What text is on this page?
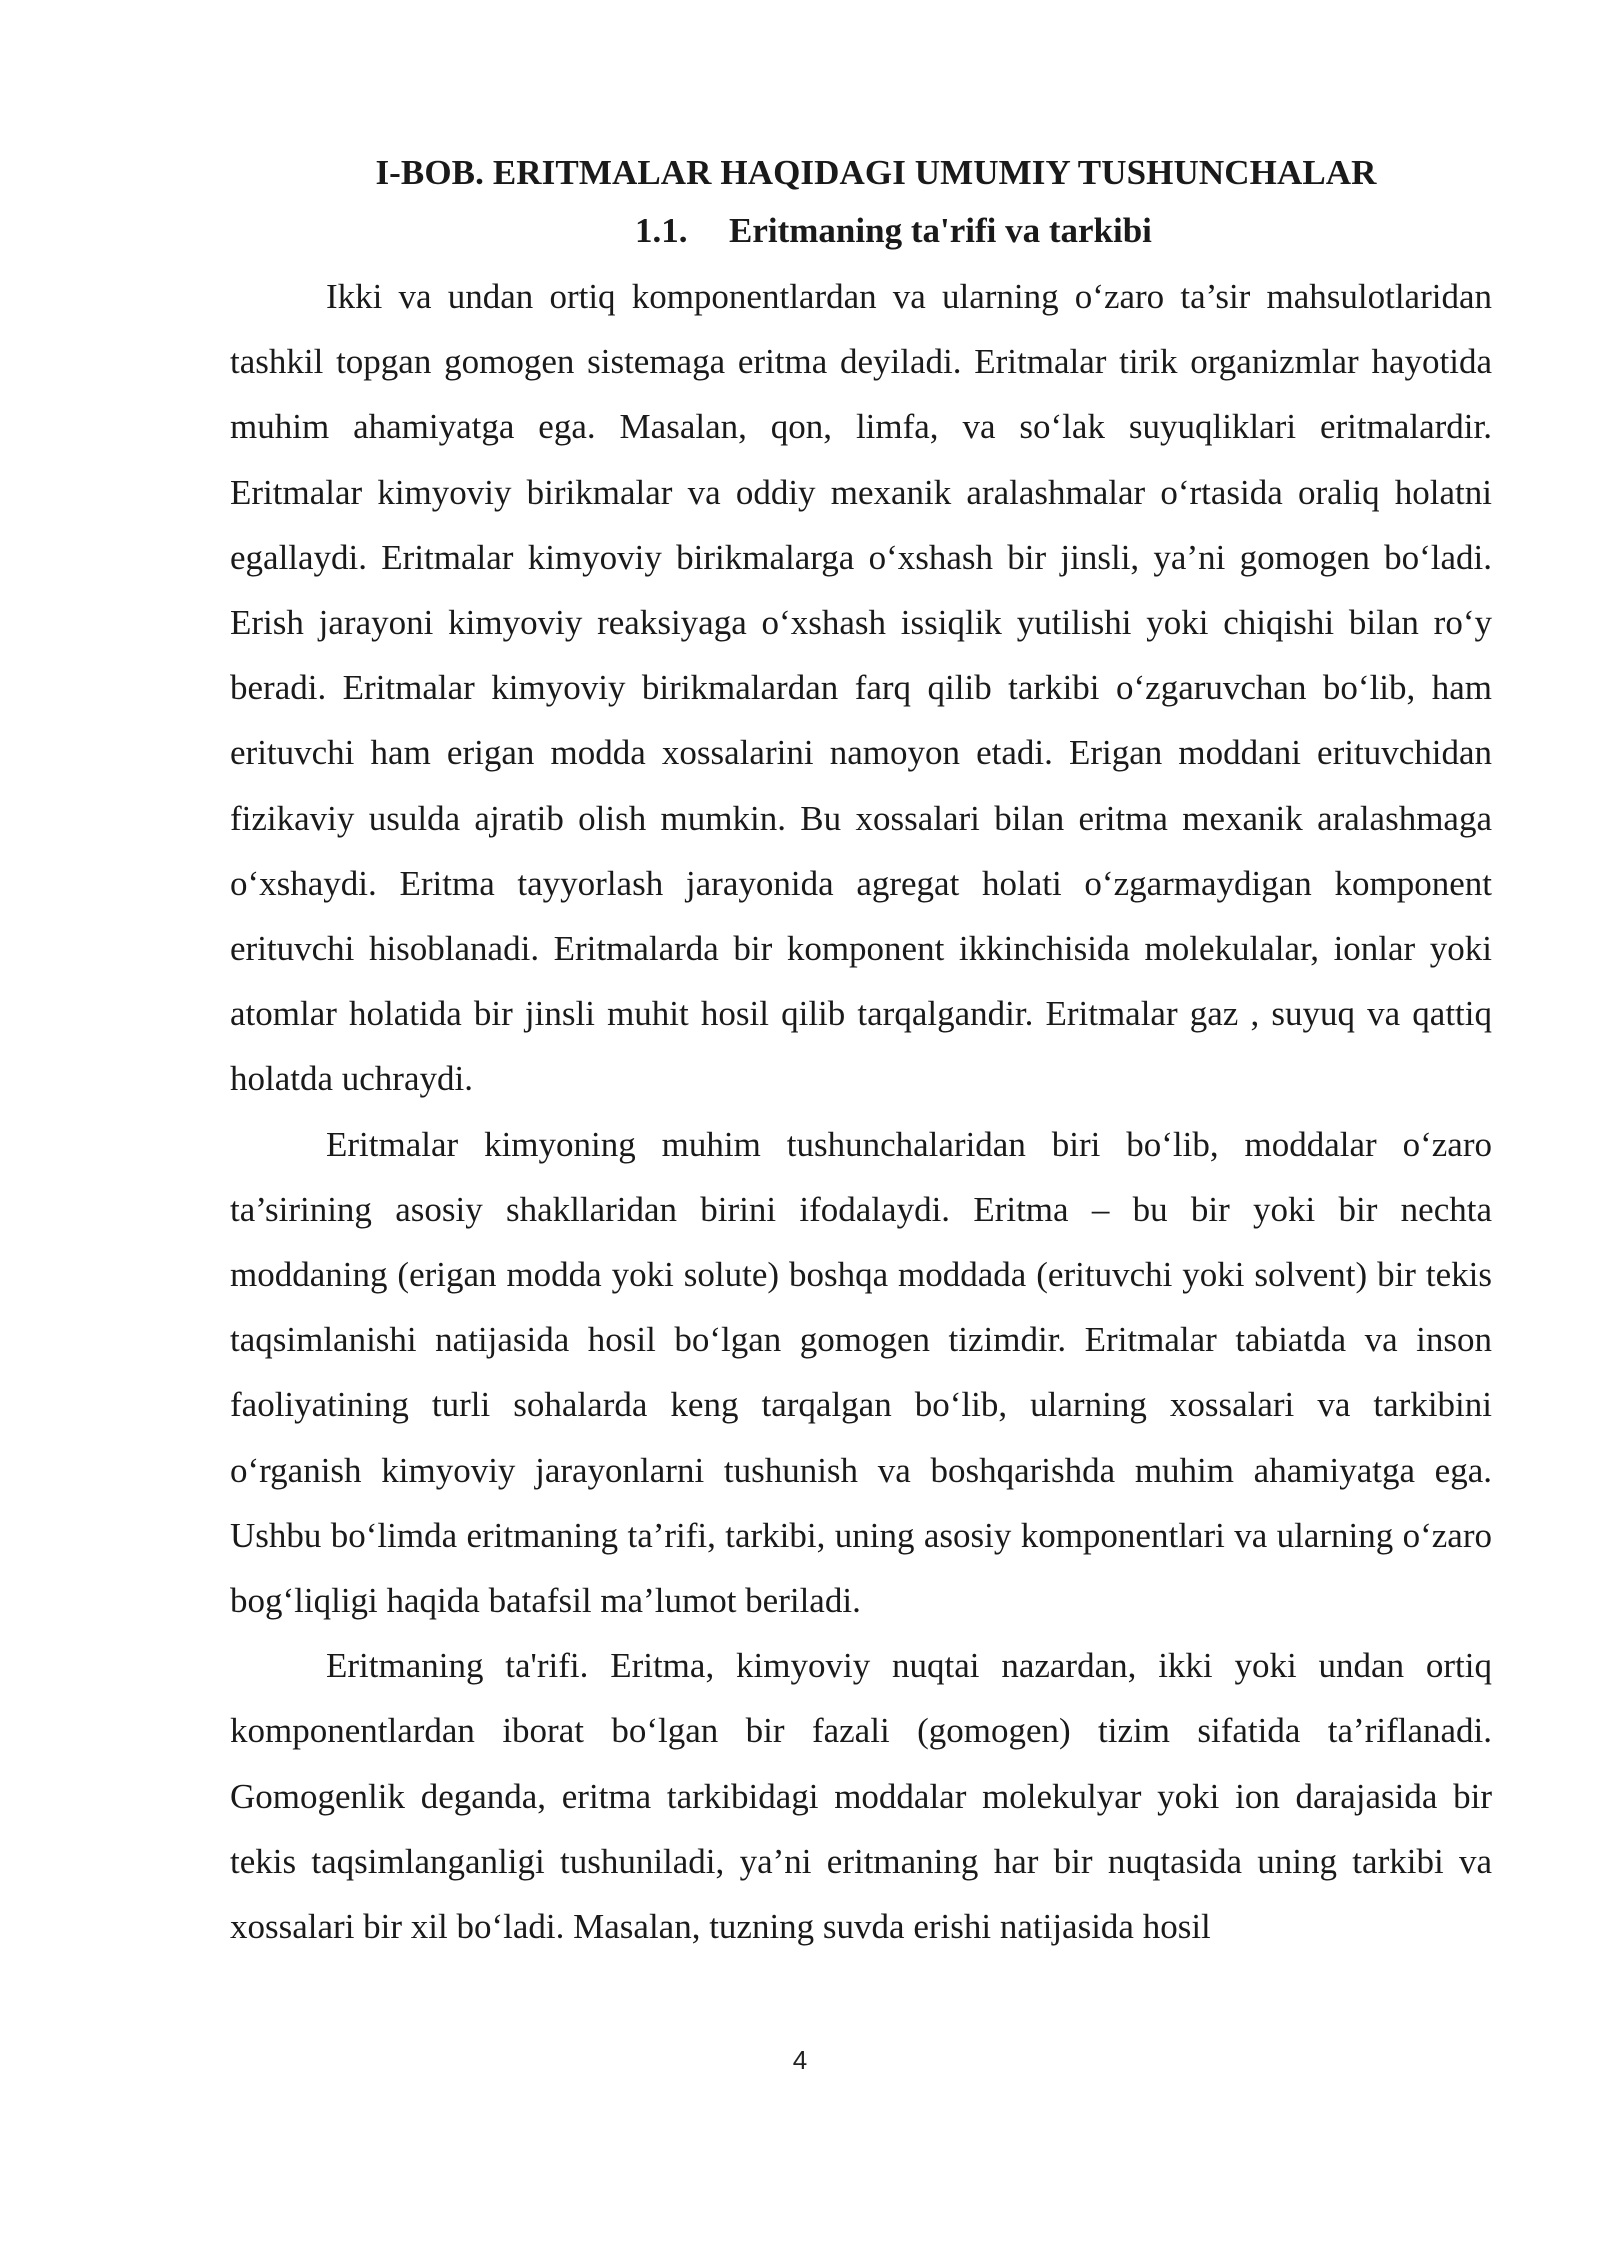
I-BOB. ERITMALAR HAQIDAGI UMUMIY TUSHUNCHALAR
1.1. Eritmaning ta'rifi va tarkibi

Ikki va undan ortiq komponentlardan va ularning o‘zaro ta’sir mahsulotlaridan tashkil topgan gomogen sistemaga eritma deyiladi. Eritmalar tirik organizmlar hayotida muhim ahamiyatga ega. Masalan, qon, limfa, va so‘lak suyuqliklari eritmalardir. Eritmalar kimyoviy birikmalar va oddiy mexanik aralashmalar o‘rtasida oraliq holatni egallaydi. Eritmalar kimyoviy birikmalarga o‘xshash bir jinsli, ya’ni gomogen bo‘ladi. Erish jarayoni kimyoviy reaksiyaga o‘xshash issiqlik yutilishi yoki chiqishi bilan ro‘y beradi. Eritmalar kimyoviy birikmalardan farq qilib tarkibi o‘zgaruvchan bo‘lib, ham erituvchi ham erigan modda xossalarini namoyon etadi. Erigan moddani erituvchidan fizikaviy usulda ajratib olish mumkin. Bu xossalari bilan eritma mexanik aralashmaga o‘xshaydi. Eritma tayyorlash jarayonida agregat holati o‘zgarmaydigan komponent erituvchi hisoblanadi. Eritmalarda bir komponent ikkinchisida molekulalar, ionlar yoki atomlar holatida bir jinsli muhit hosil qilib tarqalgandir. Eritmalar gaz , suyuq va qattiq holatda uchraydi.

Eritmalar kimyoning muhim tushunchalaridan biri bo‘lib, moddalar o‘zaro ta’sirining asosiy shakllaridan birini ifodalaydi. Eritma – bu bir yoki bir nechta moddaning (erigan modda yoki solute) boshqa moddada (erituvchi yoki solvent) bir tekis taqsimlanishi natijasida hosil bo‘lgan gomogen tizimdir. Eritmalar tabiatda va inson faoliyatining turli sohalarda keng tarqalgan bo‘lib, ularning xossalari va tarkibini o‘rganish kimyoviy jarayonlarni tushunish va boshqarishda muhim ahamiyatga ega. Ushbu bo‘limda eritmaning ta’rifi, tarkibi, uning asosiy komponentlari va ularning o‘zaro bog‘liqligi haqida batafsil ma’lumot beriladi.

Eritmaning ta'rifi. Eritma, kimyoviy nuqtai nazardan, ikki yoki undan ortiq komponentlardan iborat bo‘lgan bir fazali (gomogen) tizim sifatida ta’riflanadi. Gomogenlik deganda, eritma tarkibidagi moddalar molekulyar yoki ion darajasida bir tekis taqsimlanganligi tushuniladi, ya’ni eritmaning har bir nuqtasida uning tarkibi va xossalari bir xil bo‘ladi. Masalan, tuzning suvda erishi natijasida hosil

4
